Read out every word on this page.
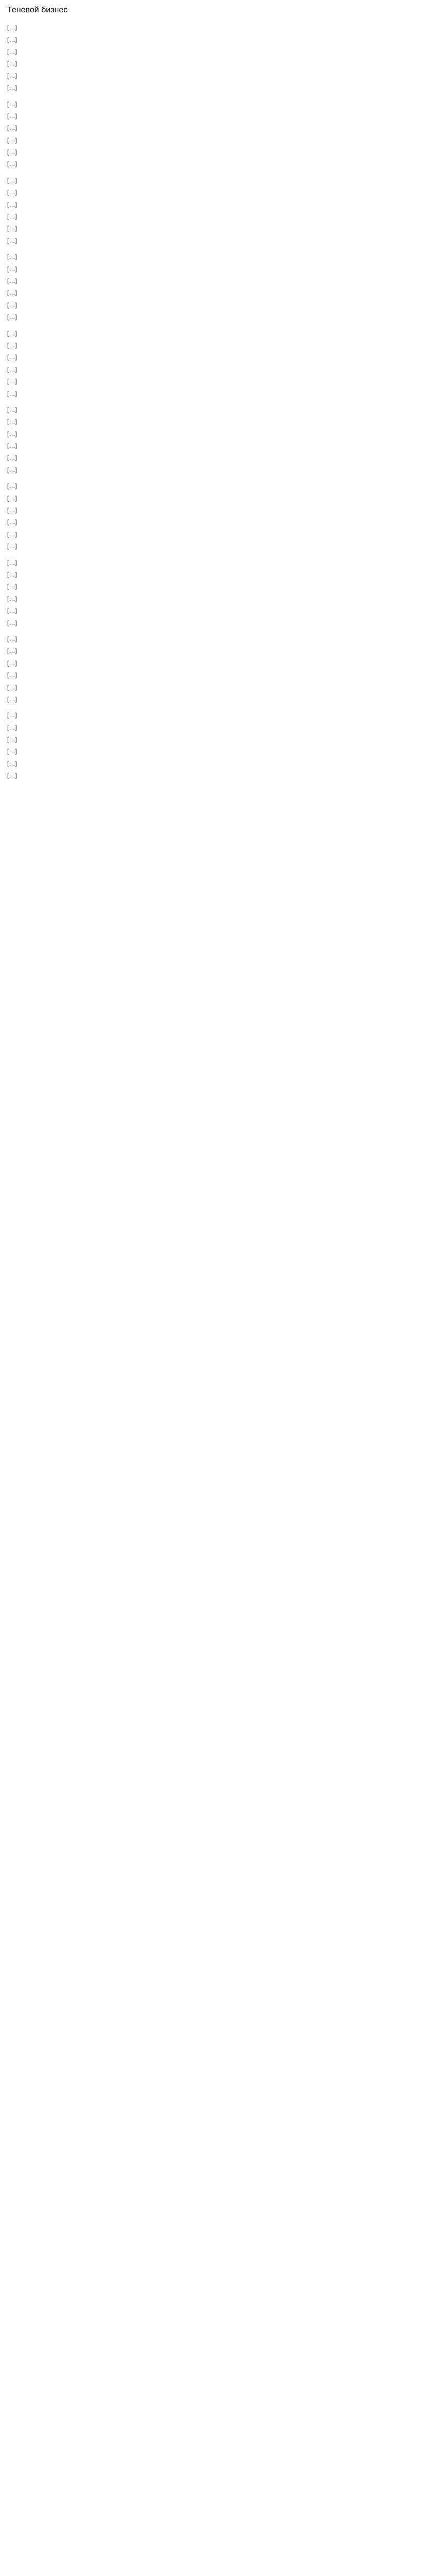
Теневой бизнес

[…]

[…]

[…]

[…]

[…]

[…]

[…]

[…]

[…]

[…]

[…]

[…]

[…]

[…]

[…]

[…]

[…]

[…]

[…]

[…]

[…]

[…]

[…]

[…]

[…]

[…]

[…]

[…]

[…]

[…]

[…]

[…]

[…]

[…]

[…]

[…]

[…]

[…]

[…]

[…]

[…]

[…]

[…]

[…]

[…]

[…]

[…]

[…]

[…]

[…]

[…]

[…]

[…]

[…]

[…]

[…]

[…]

[…]

[…]

[…]
